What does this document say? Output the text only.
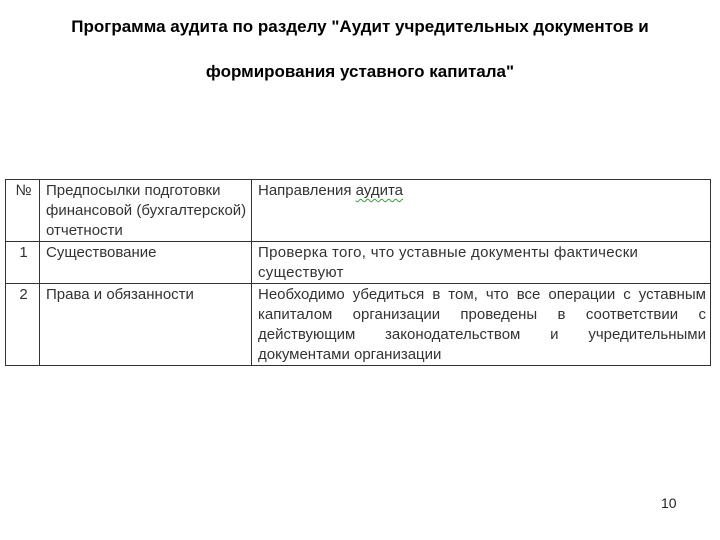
Программа аудита по разделу "Аудит учредительных документов и
формирования уставного капитала"
№	Предпосылки подготовки финансовой (бухгалтерской) отчетности	Направления аудита
1	Существование	Проверка того, что уставные документы фактически существуют
2	Права и обязанности	Необходимо убедиться в том, что все операции с уставным капиталом организации проведены в соответствии с действующим законодательством и учредительными документами организации
10
